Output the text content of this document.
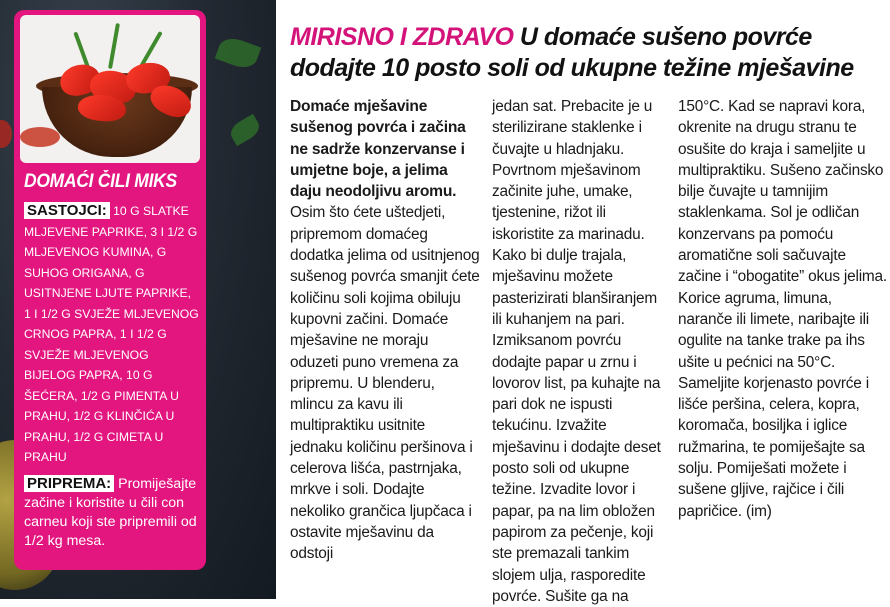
DOMAĆI ČILI MIKS
SASTOJCI: 10 G SLATKE MLJEVENE PAPRIKE, 3 I 1/2 G MLJEVENOG KUMINA, G SUHOG ORIGANA, G USITNJENE LJUTE PAPRIKE, 1 I 1/2 G SVJEŽE MLJEVENOG CRNOG PAPRA, 1 I 1/2 G SVJEŽE MLJEVENOG BIJELOG PAPRA, 10 G ŠEĆERA, 1/2 G PIMENTA U PRAHU, 1/2 G KLINČIĆA U PRAHU, 1/2 G CIMETA U PRAHU
PRIPREMA: Promiješajte začine i koristite u čili con carneu koji ste pripremili od 1/2 kg mesa.
MIRISNO I ZDRAVO U domaće sušeno povrće dodajte 10 posto soli od ukupne težine mješavine
Domaće mješavine sušenog povrća i začina ne sadrže konzervanse i umjetne boje, a jelima daju neodoljivu aromu. Osim što ćete uštedjeti, pripremom domaćeg dodatka jelima od usitnjenog sušenog povrća smanjit ćete količinu soli kojima obiluju kupovni začini. Domaće mješavine ne moraju oduzeti puno vremena za pripremu. U blenderu, mlincu za kavu ili multipraktiku usitnite jednaku količinu peršinova i celerova lišća, pastrnjaka, mrkve i soli. Dodajte nekoliko grančica ljupčaca i ostavite mješavinu da odstoji
jedan sat. Prebacite je u sterilizirane staklenke i čuvajte u hladnjaku. Povrtnom mješavinom začinite juhe, umake, tjestenine, rižot ili iskoristite za marinadu. Kako bi dulje trajala, mješavinu možete pasterizirati blanširanjem ili kuhanjem na pari. Izmiksanom povrću dodajte papar u zrnu i lovorov list, pa kuhajte na pari dok ne ispusti tekućinu. Izvažite mješavinu i dodajte deset posto soli od ukupne težine. Izvadite lovor i papar, pa na lim obložen papirom za pečenje, koji ste premazali tankim slojem ulja, rasporedite povrće. Sušite ga na
150°C. Kad se napravi kora, okrenite na drugu stranu te osušite do kraja i sameljite u multipraktiku. Sušeno začinsko bilje čuvajte u tamnijim staklenkama. Sol je odličan konzervans pa pomoću aromatične soli sačuvajte začine i “obogatite” okus jelima. Korice agruma, limuna, naranče ili limete, naribajte ili ogulite na tanke trake pa ihs ušite u pećnici na 50°C. Sameljite korjenasto povrće i lišće peršina, celera, kopra, koromača, bosiljka i iglice ružmarina, te pomiješajte sa solju. Pomiješati možete i sušene gljive, rajčice i čili papričice. (im)
